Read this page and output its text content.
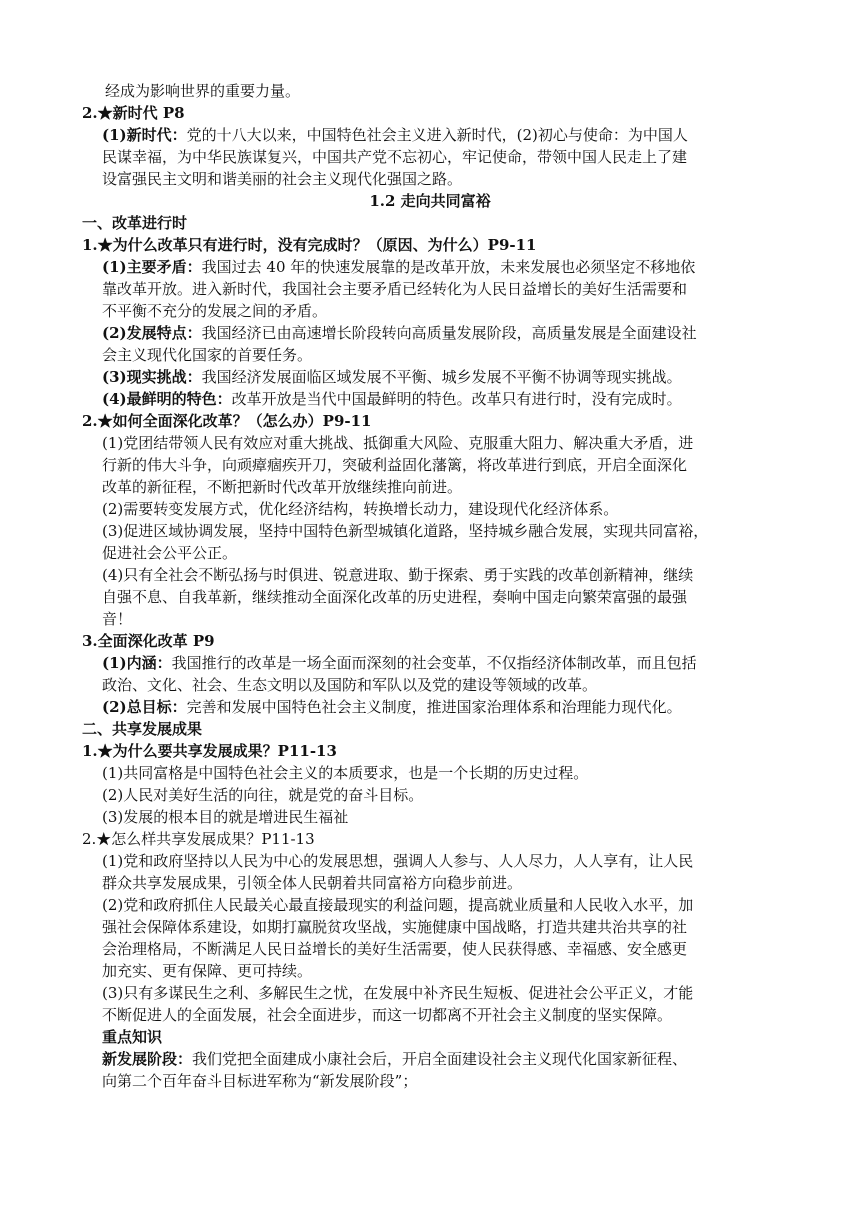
经成为影响世界的重要力量。
2.★新时代 P8
(1)新时代：党的十八大以来，中国特色社会主义进入新时代，(2)初心与使命：为中国人
民谋幸福，为中华民族谋复兴，中国共产党不忘初心，牢记使命，带领中国人民走上了建
设富强民主文明和谐美丽的社会主义现代化强国之路。
1.2 走向共同富裕
一、改革进行时
1.★为什么改革只有进行时，没有完成时？（原因、为什么）P9-11
(1)主要矛盾：我国过去 40 年的快速发展靠的是改革开放，未来发展也必须坚定不移地依
靠改革开放。进入新时代，我国社会主要矛盾已经转化为人民日益增长的美好生活需要和
不平衡不充分的发展之间的矛盾。
(2)发展特点：我国经济已由高速增长阶段转向高质量发展阶段，高质量发展是全面建设社
会主义现代化国家的首要任务。
(3)现实挑战：我国经济发展面临区域发展不平衡、城乡发展不平衡不协调等现实挑战。
(4)最鲜明的特色：改革开放是当代中国最鲜明的特色。改革只有进行时，没有完成时。
2.★如何全面深化改革？（怎么办）P9-11
(1)党团结带领人民有效应对重大挑战、抵御重大风险、克服重大阻力、解决重大矛盾，进
行新的伟大斗争，向顽瘴痼疾开刀，突破利益固化藩篱，将改革进行到底，开启全面深化
改革的新征程，不断把新时代改革开放继续推向前进。
(2)需要转变发展方式，优化经济结构，转换增长动力，建设现代化经济体系。
(3)促进区域协调发展，坚持中国特色新型城镇化道路，坚持城乡融合发展，实现共同富裕，
促进社会公平公正。
(4)只有全社会不断弘扬与时俱进、锐意进取、勤于探索、勇于实践的改革创新精神，继续
自强不息、自我革新，继续推动全面深化改革的历史进程，奏响中国走向繁荣富强的最强
音！
3.全面深化改革 P9
(1)内涵：我国推行的改革是一场全面而深刻的社会变革，不仅指经济体制改革，而且包括
政治、文化、社会、生态文明以及国防和军队以及党的建设等领域的改革。
(2)总目标：完善和发展中国特色社会主义制度，推进国家治理体系和治理能力现代化。
二、共享发展成果
1.★为什么要共享发展成果？P11-13
(1)共同富格是中国特色社会主义的本质要求，也是一个长期的历史过程。
(2)人民对美好生活的向往，就是党的奋斗目标。
(3)发展的根本目的就是增进民生福祉
2.★怎么样共享发展成果？P11-13
(1)党和政府坚持以人民为中心的发展思想，强调人人参与、人人尽力，人人享有，让人民
群众共享发展成果，引领全体人民朝着共同富裕方向稳步前进。
(2)党和政府抓住人民最关心最直接最现实的利益问题，提高就业质量和人民收入水平，加
强社会保障体系建设，如期打赢脱贫攻坚战，实施健康中国战略，打造共建共治共享的社
会治理格局，不断满足人民日益增长的美好生活需要，使人民获得感、幸福感、安全感更
加充实、更有保障、更可持续。
(3)只有多谋民生之利、多解民生之忧，在发展中补齐民生短板、促进社会公平正义，才能
不断促进人的全面发展，社会全面进步，而这一切都离不开社会主义制度的坚实保障。
重点知识
新发展阶段：我们党把全面建成小康社会后，开启全面建设社会主义现代化国家新征程、
向第二个百年奋斗目标进军称为“新发展阶段”；
